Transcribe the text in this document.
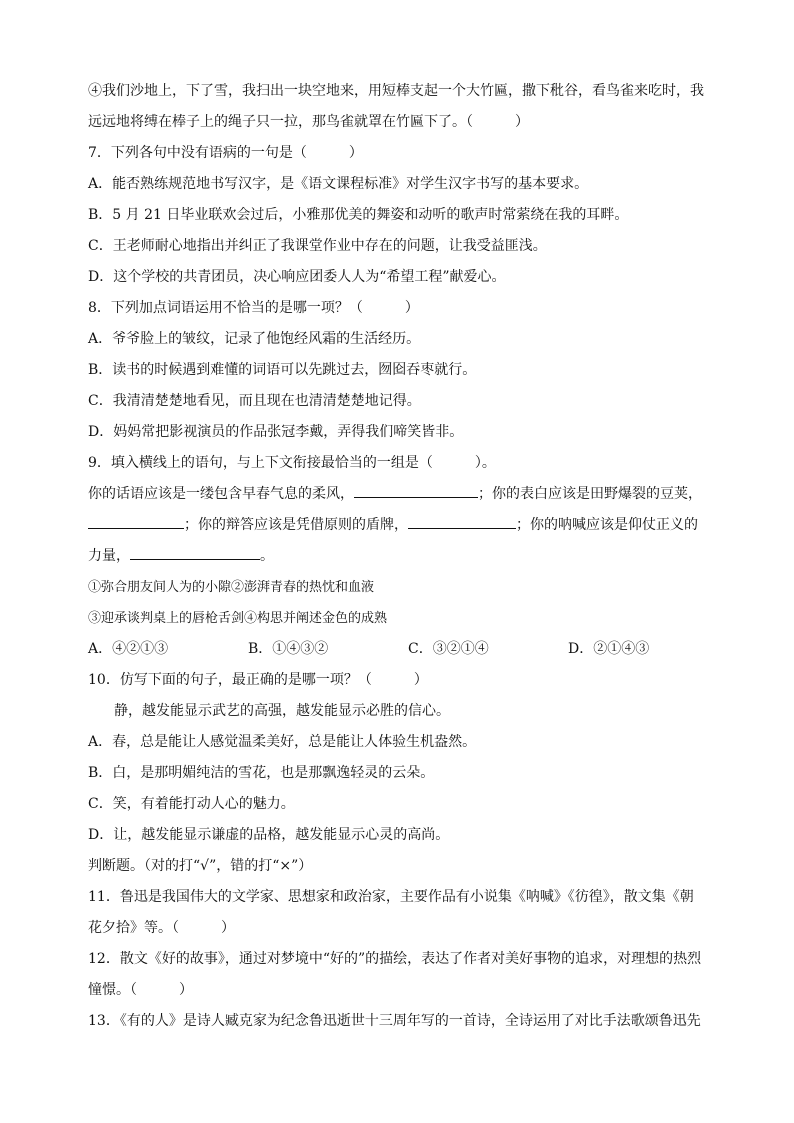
④我们沙地上，下了雪，我扫出一块空地来，用短棒支起一个大竹匾，撒下秕谷，看鸟雀来吃时，我
远远地将缚在棒子上的绳子只一拉，那鸟雀就罩在竹匾下了。（　　　）
7．下列各句中没有语病的一句是（　　　）
A．能否熟练规范地书写汉字，是《语文课程标准》对学生汉字书写的基本要求。
B．5 月 21 日毕业联欢会过后，小雅那优美的舞姿和动听的歌声时常萦绕在我的耳畔。
C．王老师耐心地指出并纠正了我课堂作业中存在的问题，让我受益匪浅。
D．这个学校的共青团员，决心响应团委人人为“希望工程”献爱心。
8．下列加点词语运用不恰当的是哪一项？（　　　）
A．爷爷脸上的皱纹，记录了他饱经风霜的生活经历。
B．读书的时候遇到难懂的词语可以先跳过去，囫囵吞枣就行。
C．我清清楚楚地看见，而且现在也清清楚楚地记得。
D．妈妈常把影视演员的作品张冠李戴，弄得我们啼笑皆非。
9．填入横线上的语句，与上下文衔接最恰当的一组是（　　　）。
你的话语应该是一缕包含早春气息的柔风，	；你的表白应该是田野爆裂的豆荚，
；你的辩答应该是凭借原则的盾牌，	；你的呐喊应该是仰仗正义的
力量，	。
①弥合朋友间人为的小隙②澎湃青春的热忱和血液
③迎承谈判桌上的唇枪舌剑④构思并阐述金色的成熟
A．④②①③	B．①④③②	C．③②①④	D．②①④③
10．仿写下面的句子，最正确的是哪一项？（　　　）
静，越发能显示武艺的高强，越发能显示必胜的信心。
A．春，总是能让人感觉温柔美好，总是能让人体验生机盎然。
B．白，是那明媚纯洁的雪花，也是那飘逸轻灵的云朵。
C．笑，有着能打动人心的魅力。
D．让，越发能显示谦虚的品格，越发能显示心灵的高尚。
判断题。（对的打“√”，错的打“×”）
11．鲁迅是我国伟大的文学家、思想家和政治家，主要作品有小说集《呐喊》《彷徨》，散文集《朝
花夕拾》等。（　　　）
12．散文《好的故事》，通过对梦境中“好的”的描绘，表达了作者对美好事物的追求，对理想的热烈
憧憬。（　　　）
13．《有的人》是诗人臧克家为纪念鲁迅逝世十三周年写的一首诗，全诗运用了对比手法歌颂鲁迅先
